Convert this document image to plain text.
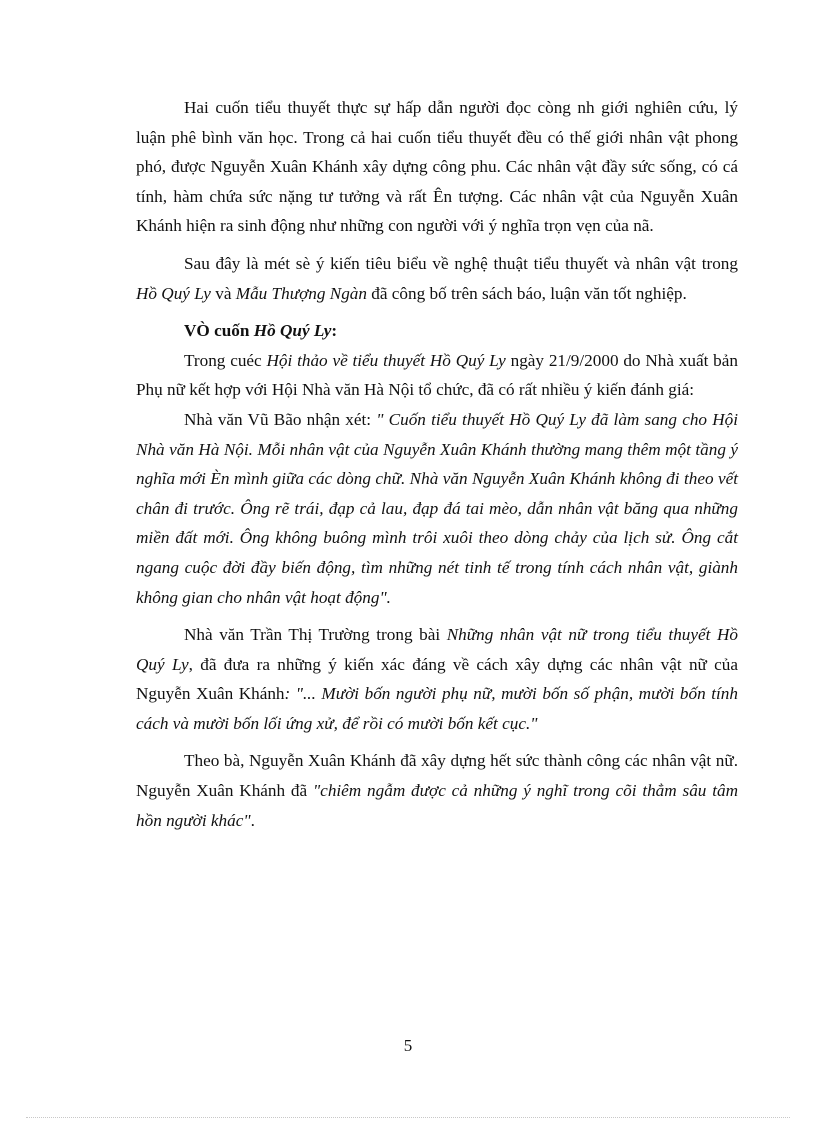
Hai cuốn tiểu thuyết thực sự hấp dẫn người đọc còng nh giới nghiên cứu, lý luận phê bình văn học. Trong cả hai cuốn tiểu thuyết đều có thế giới nhân vật phong phó, được Nguyễn Xuân Khánh xây dựng công phu. Các nhân vật đầy sức sống, có cá tính, hàm chứa sức nặng tư tưởng và rất Ên tượng. Các nhân vật của Nguyễn Xuân Khánh hiện ra sinh động như những con người với ý nghĩa trọn vẹn của nã.

Sau đây là mét sè ý kiến tiêu biểu về nghệ thuật tiểu thuyết và nhân vật trong Hồ Quý Ly và Mẫu Thượng Ngàn đã công bố trên sách báo, luận văn tốt nghiệp.

VÒ cuốn Hồ Quý Ly:

Trong cuéc Hội thảo về tiểu thuyết Hồ Quý Ly ngày 21/9/2000 do Nhà xuất bản Phụ nữ kết hợp với Hội Nhà văn Hà Nội tổ chức, đã có rất nhiều ý kiến đánh giá:

Nhà văn Vũ Bão nhận xét: " Cuốn tiểu thuyết Hồ Quý Ly đã làm sang cho Hội Nhà văn Hà Nội. Mỗi nhân vật của Nguyễn Xuân Khánh thường mang thêm một tầng ý nghĩa mới Èn mình giữa các dòng chữ. Nhà văn Nguyễn Xuân Khánh không đi theo vết chân đi trước. Ông rẽ trái, đạp cả lau, đạp đá tai mèo, dẫn nhân vật băng qua những miền đất mới. Ông không buông mình trôi xuôi theo dòng chảy của lịch sử. Ông cắt ngang cuộc đời đầy biến động, tìm những nét tinh tế trong tính cách nhân vật, giành không gian cho nhân vật hoạt động".

Nhà văn Trần Thị Trường trong bài Những nhân vật nữ trong tiểu thuyết Hồ Quý Ly, đã đưa ra những ý kiến xác đáng về cách xây dựng các nhân vật nữ của Nguyễn Xuân Khánh: "... Mười bốn người phụ nữ, mười bốn số phận, mười bốn tính cách và mười bốn lối ứng xử, để rồi có mười bốn kết cục."

Theo bà, Nguyễn Xuân Khánh đã xây dựng hết sức thành công các nhân vật nữ. Nguyễn Xuân Khánh đã "chiêm ngẫm được cả những ý nghĩ trong cõi thẳm sâu tâm hồn người khác".

5
